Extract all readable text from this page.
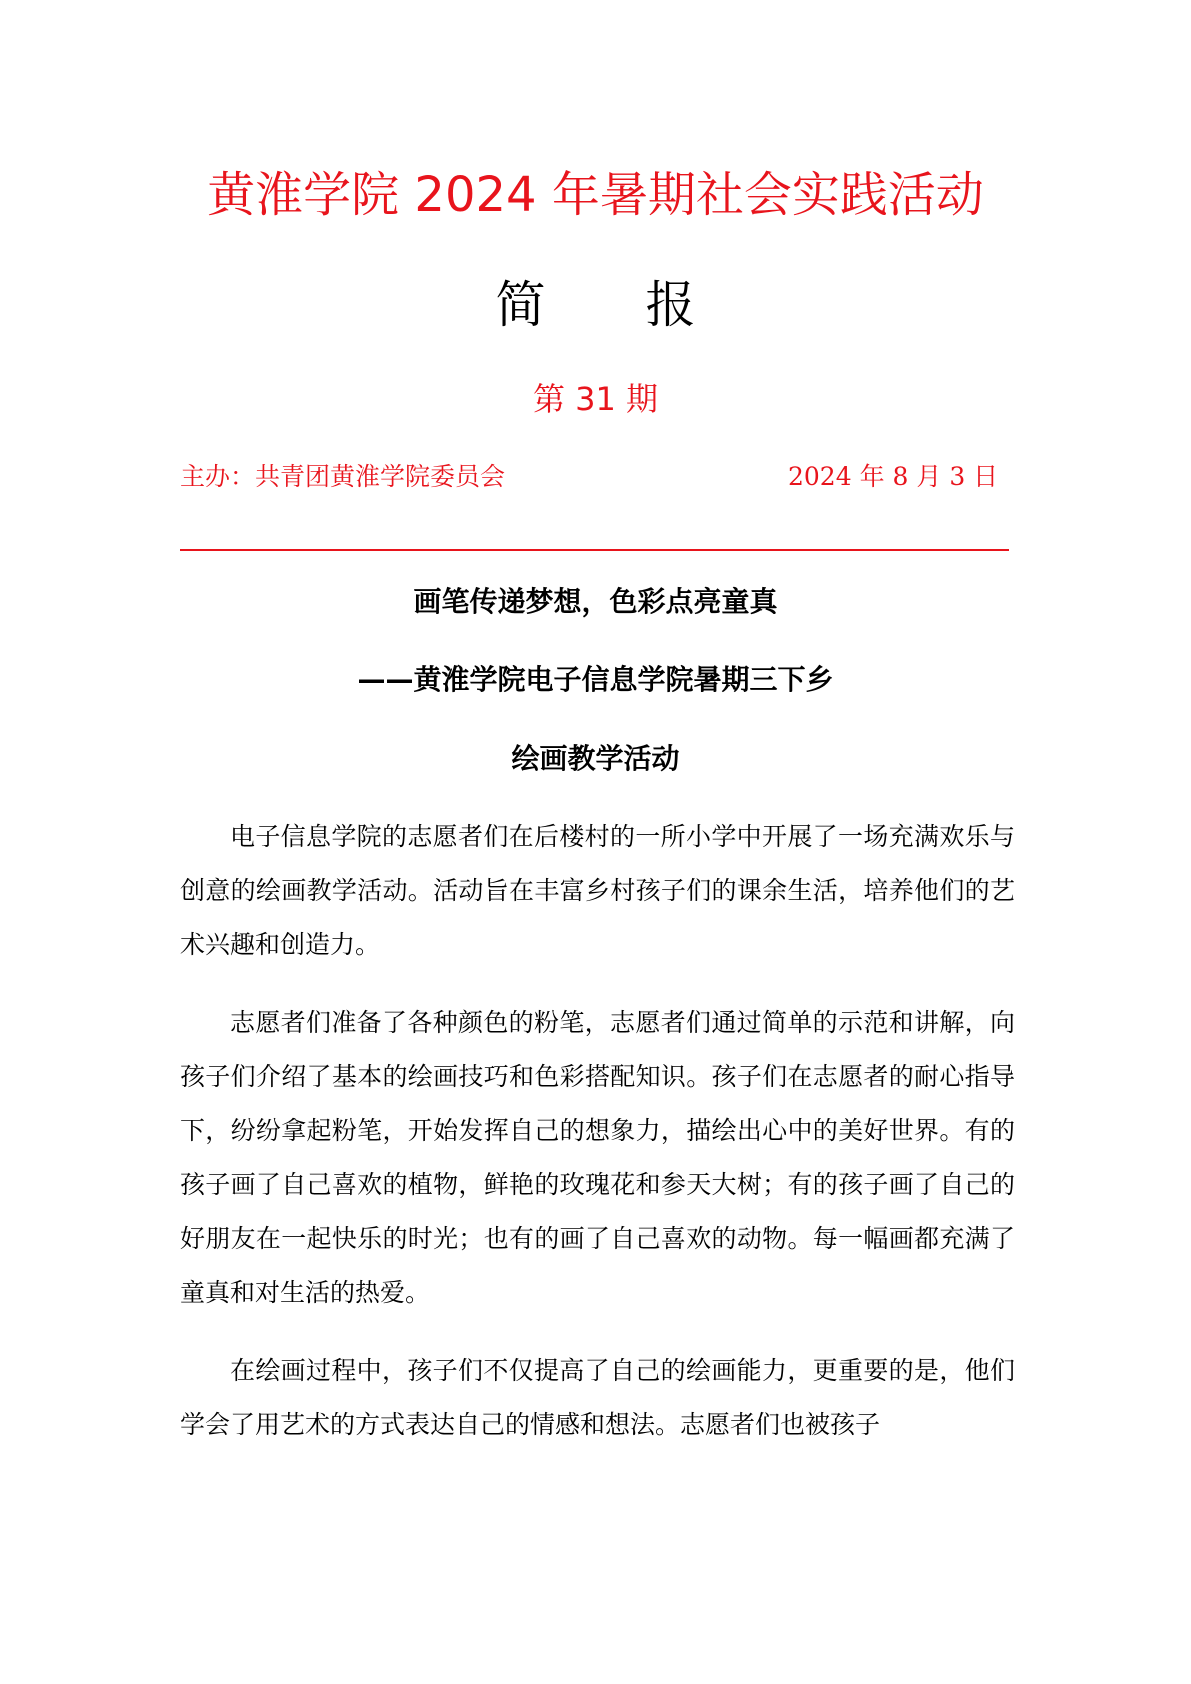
黄淮学院 2024 年暑期社会实践活动
简　　报
第 31 期
主办：共青团黄淮学院委员会	2024 年 8 月 3 日
画笔传递梦想，色彩点亮童真
——黄淮学院电子信息学院暑期三下乡
绘画教学活动

电子信息学院的志愿者们在后楼村的一所小学中开展了一场充满欢乐与创意的绘画教学活动。活动旨在丰富乡村孩子们的课余生活，培养他们的艺术兴趣和创造力。

志愿者们准备了各种颜色的粉笔，志愿者们通过简单的示范和讲解，向孩子们介绍了基本的绘画技巧和色彩搭配知识。孩子们在志愿者的耐心指导下，纷纷拿起粉笔，开始发挥自己的想象力，描绘出心中的美好世界。有的孩子画了自己喜欢的植物，鲜艳的玫瑰花和参天大树；有的孩子画了自己的好朋友在一起快乐的时光；也有的画了自己喜欢的动物。每一幅画都充满了童真和对生活的热爱。

在绘画过程中，孩子们不仅提高了自己的绘画能力，更重要的是，他们学会了用艺术的方式表达自己的情感和想法。志愿者们也被孩子
